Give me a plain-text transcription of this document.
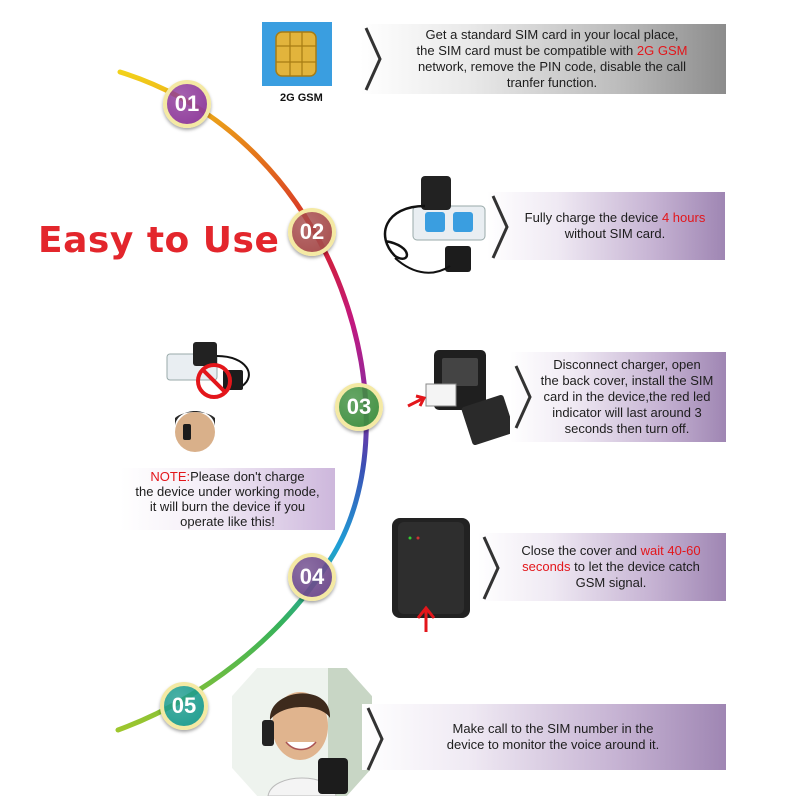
Easy to Use
01
02
03
04
05
2G GSM
Get a standard SIM card in your local place,
the SIM card must be compatible with 2G GSM
network, remove the PIN code, disable the call
tranfer function.
Fully charge the device 4 hours
without SIM card.
NOTE:Please don't charge
the device under working mode,
it will burn the device if you
operate like this!
Disconnect charger, open
the back cover, install the SIM
card in the device,the red led
indicator will last around 3
seconds then turn off.
Close the cover and wait 40-60
seconds to let the device catch
GSM signal.
Make call to the SIM number in the
device to monitor the voice around it.
